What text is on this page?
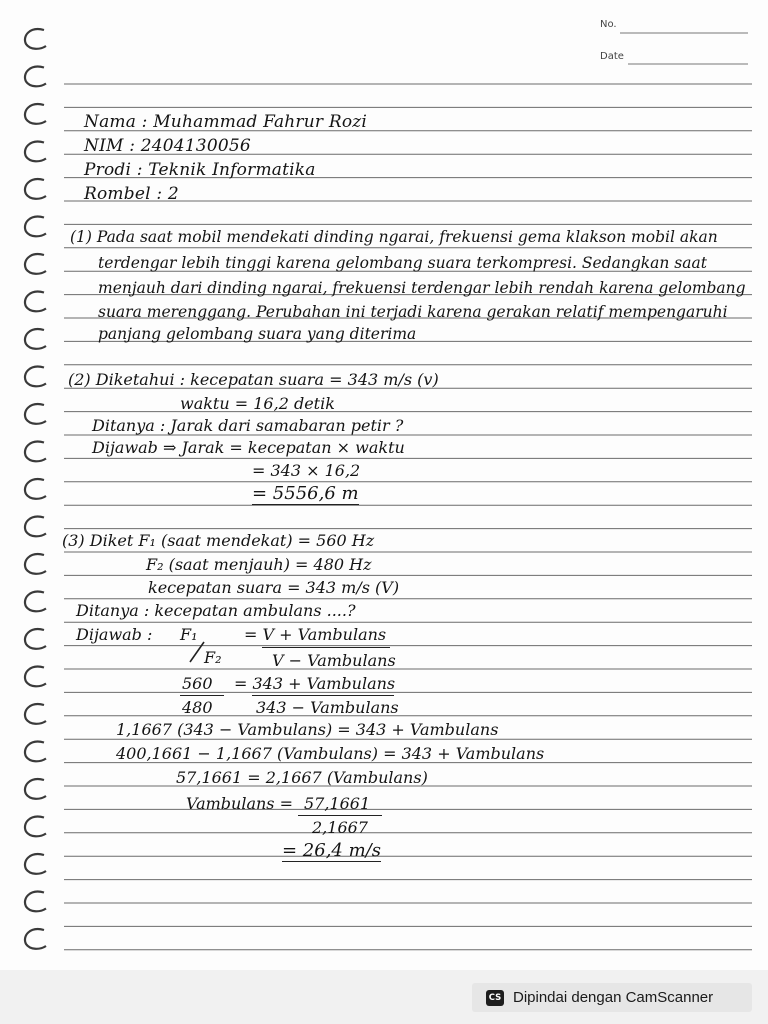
No.
Date
Nama : Muhammad Fahrur Rozi
NIM : 2404130056
Prodi : Teknik Informatika
Rombel : 2
(1) Pada saat mobil mendekati dinding ngarai, frekuensi gema klakson mobil akan
terdengar lebih tinggi karena gelombang suara terkompresi. Sedangkan saat
menjauh dari dinding ngarai, frekuensi terdengar lebih rendah karena gelombang
suara merenggang. Perubahan ini terjadi karena gerakan relatif mempengaruhi
panjang gelombang suara yang diterima
(2) Diketahui : kecepatan suara = 343 m/s (v)
waktu = 16,2 detik
Ditanya : Jarak dari samabaran petir ?
Dijawab ⇒ Jarak = kecepatan × waktu
= 343 × 16,2
= 5556,6 m
(3) Diket F₁ (saat mendekat) = 560 Hz
F₂ (saat menjauh) = 480 Hz
kecepatan suara = 343 m/s (V)
Ditanya : kecepatan ambulans ....?
Dijawab : F₁
F₂
= V + Vambulans
V − Vambulans
560 = 343 + Vambulans
480	343 − Vambulans
1,1667 (343 − Vambulans) = 343 + Vambulans
400,1661 − 1,1667 (Vambulans) = 343 + Vambulans
57,1661 = 2,1667 (Vambulans)
Vambulans = 57,1661
2,1667
= 26,4 m/s
CS Dipindai dengan CamScanner
